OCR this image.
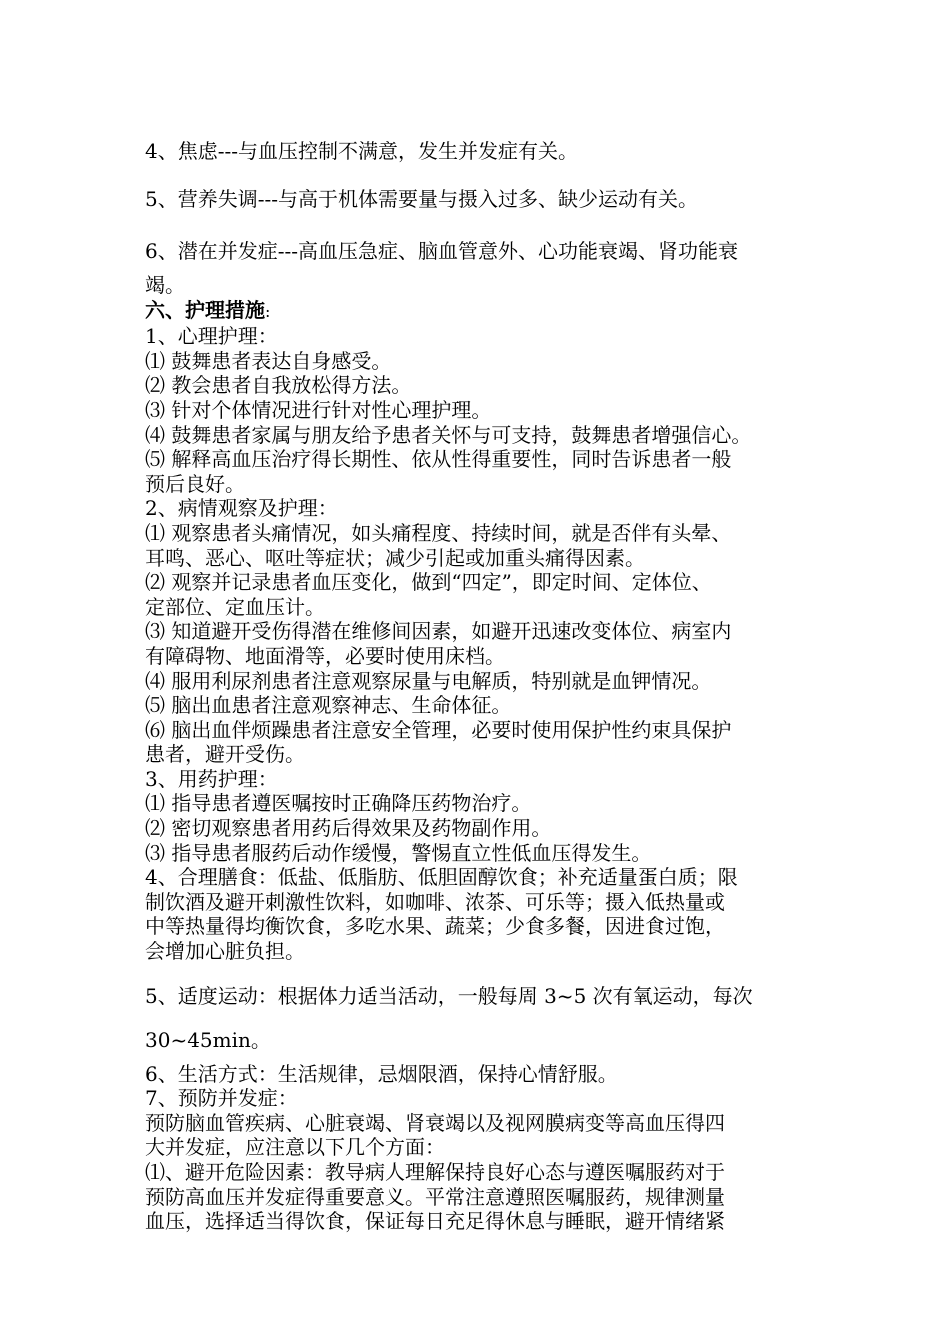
4、焦虑---与血压控制不满意，发生并发症有关。
5、营养失调---与高于机体需要量与摄入过多、缺少运动有关。
6、潜在并发症---高血压急症、脑血管意外、心功能衰竭、肾功能衰
竭。
六、护理措施:
1、心理护理：
⑴ 鼓舞患者表达自身感受。
⑵ 教会患者自我放松得方法。
⑶ 针对个体情况进行针对性心理护理。
⑷ 鼓舞患者家属与朋友给予患者关怀与可支持，鼓舞患者增强信心。
⑸ 解释高血压治疗得长期性、依从性得重要性，同时告诉患者一般
预后良好。
2、病情观察及护理：
⑴ 观察患者头痛情况，如头痛程度、持续时间，就是否伴有头晕、
耳鸣、恶心、呕吐等症状；减少引起或加重头痛得因素。
⑵ 观察并记录患者血压变化，做到“四定”，即定时间、定体位、
定部位、定血压计。
⑶ 知道避开受伤得潜在维修间因素，如避开迅速改变体位、病室内
有障碍物、地面滑等，必要时使用床档。
⑷ 服用利尿剂患者注意观察尿量与电解质，特别就是血钾情况。
⑸ 脑出血患者注意观察神志、生命体征。
⑹ 脑出血伴烦躁患者注意安全管理，必要时使用保护性约束具保护
患者，避开受伤。
3、用药护理：
⑴ 指导患者遵医嘱按时正确降压药物治疗。
⑵ 密切观察患者用药后得效果及药物副作用。
⑶ 指导患者服药后动作缓慢，警惕直立性低血压得发生。
4、合理膳食：低盐、低脂肪、低胆固醇饮食；补充适量蛋白质；限
制饮酒及避开刺激性饮料，如咖啡、浓茶、可乐等；摄入低热量或
中等热量得均衡饮食，多吃水果、蔬菜；少食多餐，因进食过饱，
会增加心脏负担。
5、适度运动：根据体力适当活动，一般每周 3~5 次有氧运动，每次
30~45min。
6、生活方式：生活规律，忌烟限酒，保持心情舒服。
7、预防并发症：
预防脑血管疾病、心脏衰竭、肾衰竭以及视网膜病变等高血压得四
大并发症，应注意以下几个方面：
⑴、避开危险因素：教导病人理解保持良好心态与遵医嘱服药对于
预防高血压并发症得重要意义。平常注意遵照医嘱服药，规律测量
血压，选择适当得饮食，保证每日充足得休息与睡眠，避开情绪紧
